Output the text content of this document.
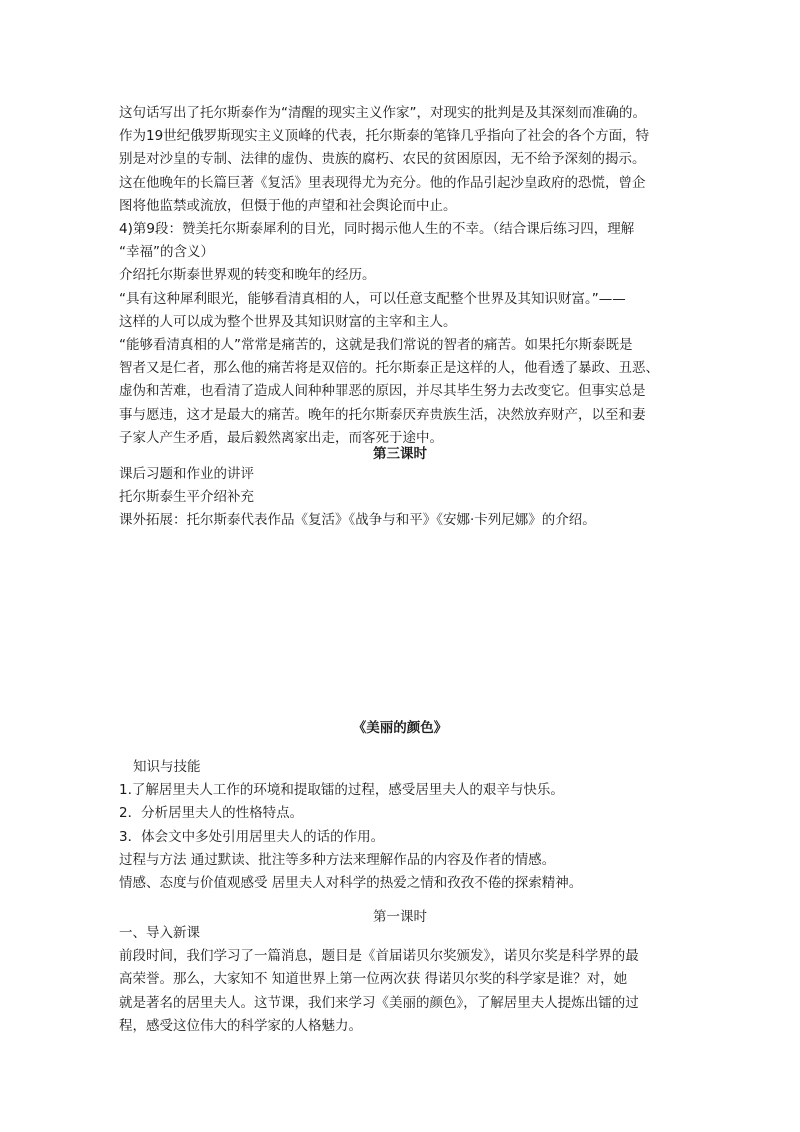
这句话写出了托尔斯泰作为“清醒的现实主义作家”，对现实的批判是及其深刻而准确的。
作为19世纪俄罗斯现实主义顶峰的代表，托尔斯泰的笔锋几乎指向了社会的各个方面，特
别是对沙皇的专制、法律的虚伪、贵族的腐朽、农民的贫困原因，无不给予深刻的揭示。
这在他晚年的长篇巨著《复活》里表现得尤为充分。他的作品引起沙皇政府的恐慌，曾企
图将他监禁或流放，但慑于他的声望和社会舆论而中止。
4)第9段：赞美托尔斯泰犀利的目光，同时揭示他人生的不幸。（结合课后练习四，理解
“幸福”的含义）
介绍托尔斯泰世界观的转变和晚年的经历。
“具有这种犀利眼光，能够看清真相的人，可以任意支配整个世界及其知识财富。”——
这样的人可以成为整个世界及其知识财富的主宰和主人。
“能够看清真相的人”常常是痛苦的，这就是我们常说的智者的痛苦。如果托尔斯泰既是
智者又是仁者，那么他的痛苦将是双倍的。托尔斯泰正是这样的人，他看透了暴政、丑恶、
虚伪和苦难，也看清了造成人间种种罪恶的原因，并尽其毕生努力去改变它。但事实总是
事与愿违，这才是最大的痛苦。晚年的托尔斯泰厌弃贵族生活，决然放弃财产，以至和妻
子家人产生矛盾，最后毅然离家出走，而客死于途中。
第三课时
课后习题和作业的讲评
托尔斯泰生平介绍补充
课外拓展：托尔斯泰代表作品《复活》《战争与和平》《安娜·卡列尼娜》的介绍。
《美丽的颜色》
知识与技能
1.了解居里夫人工作的环境和提取镭的过程，感受居里夫人的艰辛与快乐。
2．分析居里夫人的性格特点。
3．体会文中多处引用居里夫人的话的作用。
过程与方法 通过默读、批注等多种方法来理解作品的内容及作者的情感。
情感、态度与价值观感受 居里夫人对科学的热爱之情和孜孜不倦的探索精神。
第一课时
一、导入新课
前段时间，我们学习了一篇消息，题目是《首届诺贝尔奖颁发》，诺贝尔奖是科学界的最
高荣誉。那么，大家知不 知道世界上第一位两次获 得诺贝尔奖的科学家是谁？对，她
就是著名的居里夫人。这节课，我们来学习《美丽的颜色》，了解居里夫人提炼出镭的过
程，感受这位伟大的科学家的人格魅力。
